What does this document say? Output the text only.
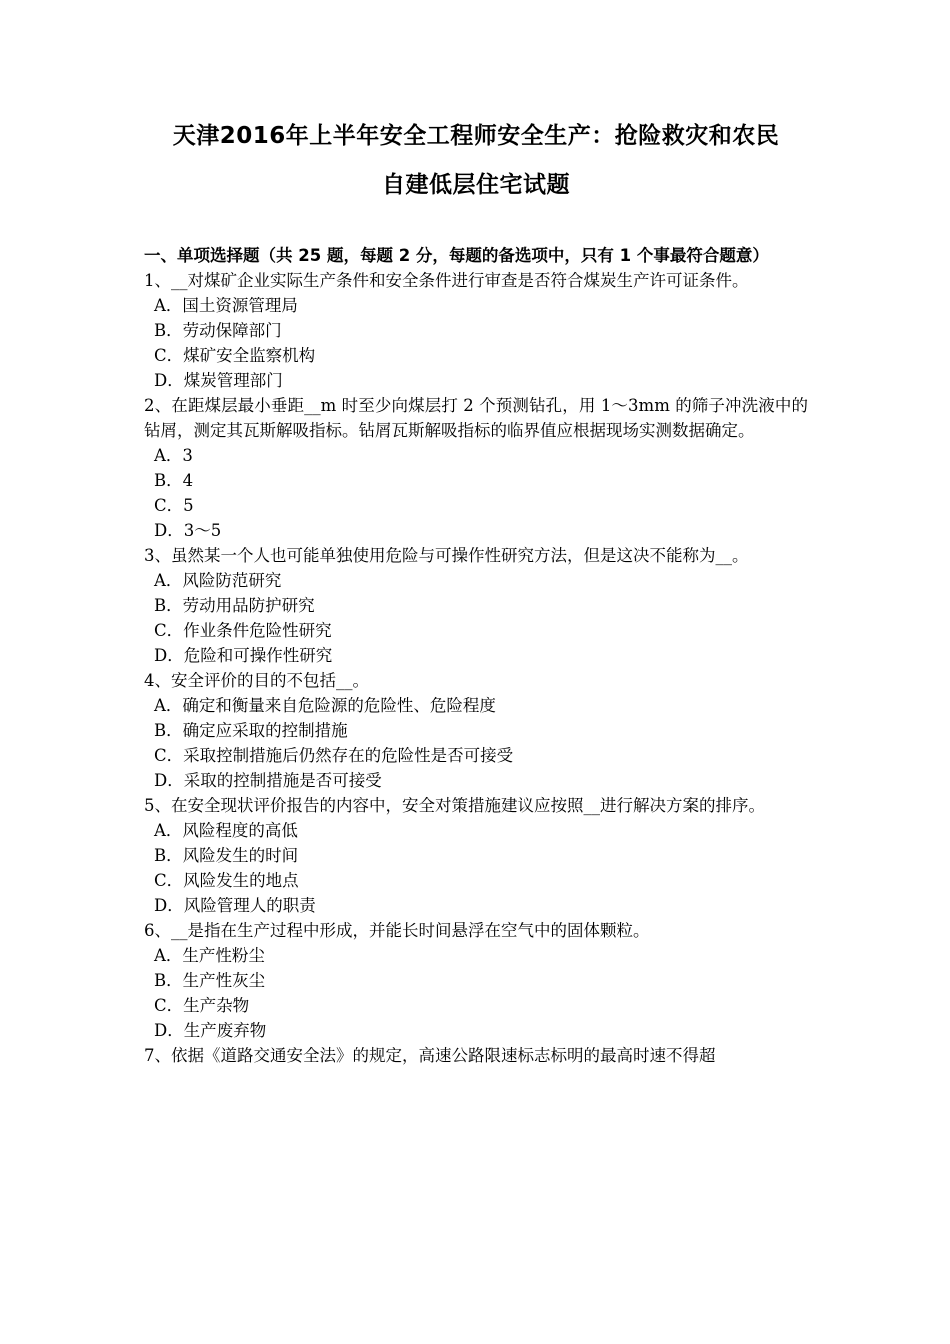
天津2016年上半年安全工程师安全生产：抢险救灾和农民
自建低层住宅试题
一、单项选择题（共 25 题，每题 2 分，每题的备选项中，只有 1 个事最符合题意）
1、__对煤矿企业实际生产条件和安全条件进行审查是否符合煤炭生产许可证条件。
A．国土资源管理局
B．劳动保障部门
C．煤矿安全监察机构
D．煤炭管理部门
2、在距煤层最小垂距__m 时至少向煤层打 2 个预测钻孔，用 1～3mm 的筛子冲洗液中的钻屑，测定其瓦斯解吸指标。钻屑瓦斯解吸指标的临界值应根据现场实测数据确定。
A．3
B．4
C．5
D．3～5
3、虽然某一个人也可能单独使用危险与可操作性研究方法，但是这决不能称为__。
A．风险防范研究
B．劳动用品防护研究
C．作业条件危险性研究
D．危险和可操作性研究
4、安全评价的目的不包括__。
A．确定和衡量来自危险源的危险性、危险程度
B．确定应采取的控制措施
C．采取控制措施后仍然存在的危险性是否可接受
D．采取的控制措施是否可接受
5、在安全现状评价报告的内容中，安全对策措施建议应按照__进行解决方案的排序。
A．风险程度的高低
B．风险发生的时间
C．风险发生的地点
D．风险管理人的职责
6、__是指在生产过程中形成，并能长时间悬浮在空气中的固体颗粒。
A．生产性粉尘
B．生产性灰尘
C．生产杂物
D．生产废弃物
7、依据《道路交通安全法》的规定，高速公路限速标志标明的最高时速不得超
